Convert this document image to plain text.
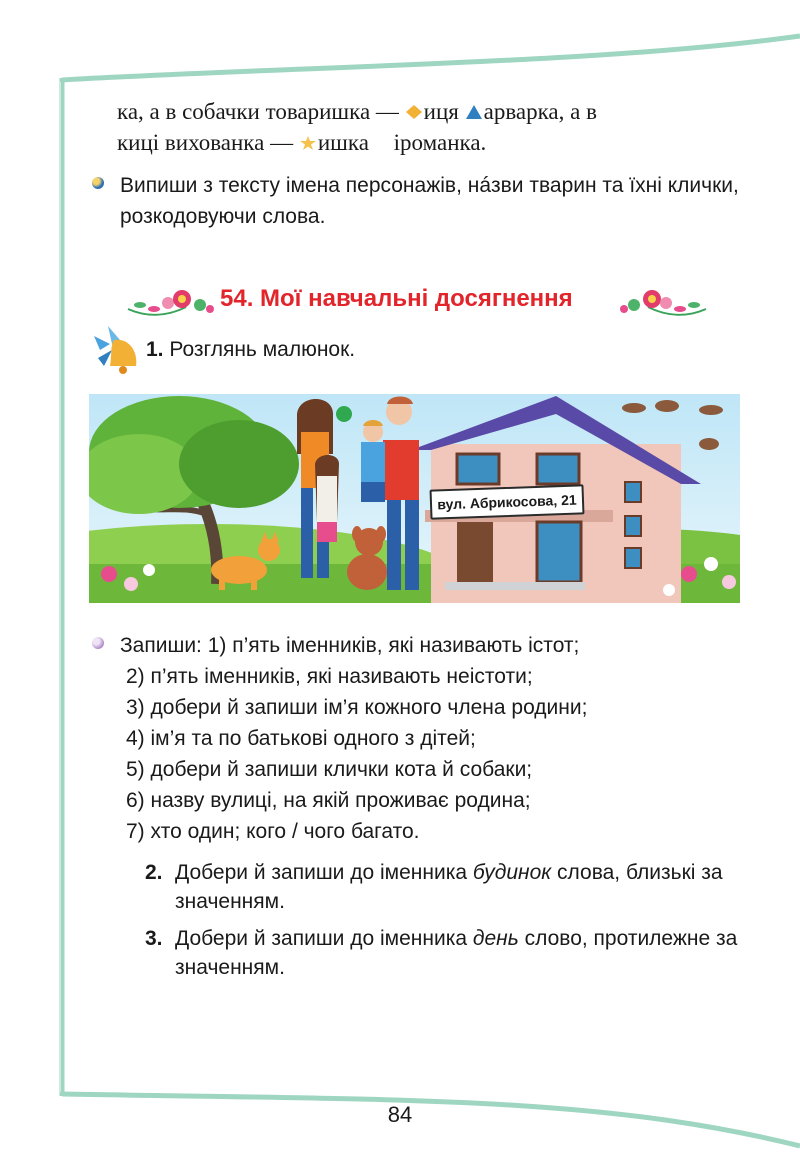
ка, а в собачки товаришка — иця арварка, а в
киці вихованка — ишка іроманка.
Випиши з тексту імена персонажів, нáзви тварин та їхні клички, розкодовуючи слова.
54. Мої навчальні досягнення
1. Розглянь малюнок.
вул. Абрикосова, 21
Запиши: 1) п’ять іменників, які називають істот;
2) п’ять іменників, які називають неістоти;
3) добери й запиши ім’я кожного члена родини;
4) ім’я та по батькові одного з дітей;
5) добери й запиши клички кота й собаки;
6) назву вулиці, на якій проживає родина;
7) хто один; кого / чого багато.
2. Добери й запиши до іменника будинок слова, близькі за значенням.
3. Добери й запиши до іменника день слово, протилежне за значенням.
84
